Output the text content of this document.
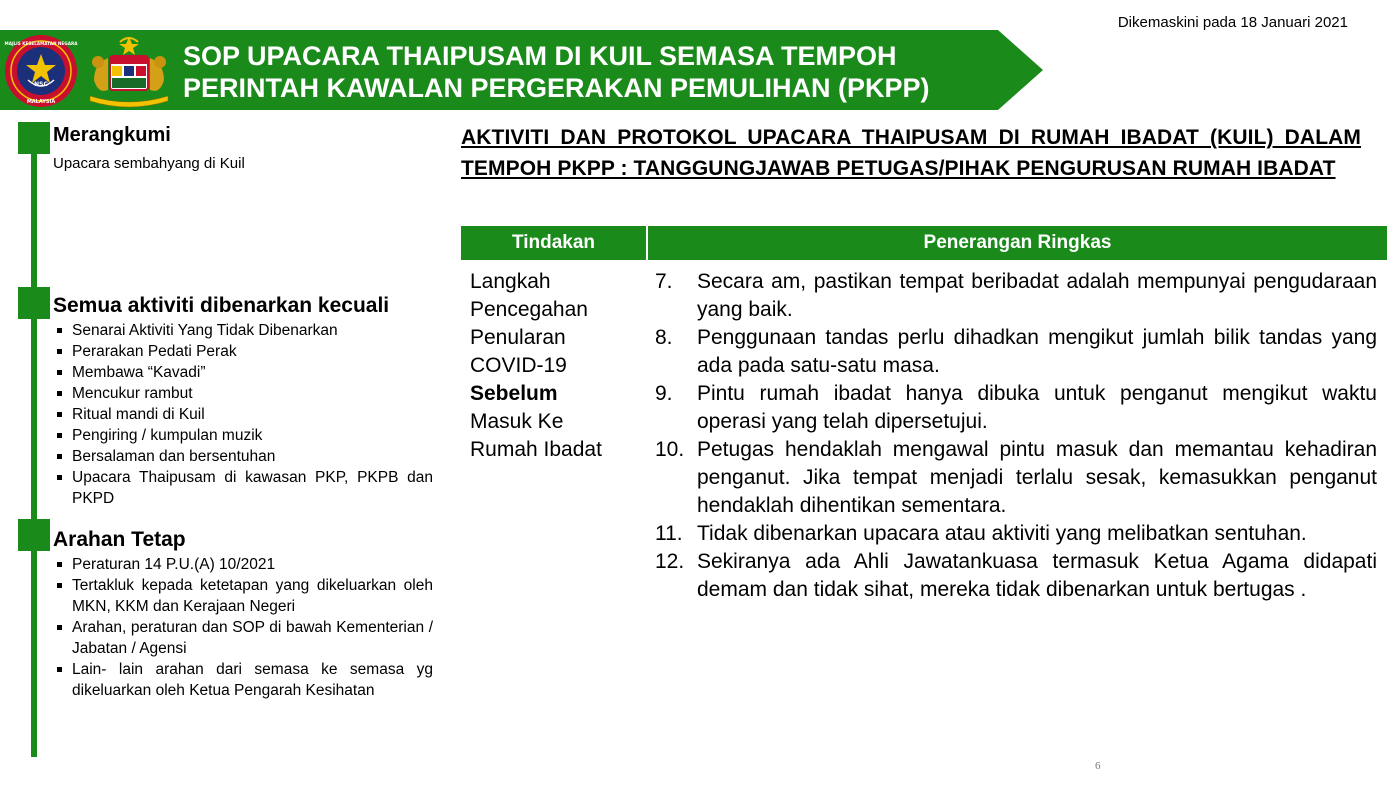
Dikemaskini pada 18 Januari 2021
NSC
MALAYSIA
MAJLIS KESELAMATAN NEGARA	SOP UPACARA THAIPUSAM DI KUIL SEMASA TEMPOH
PERINTAH KAWALAN PERGERAKAN PEMULIHAN (PKPP)
Merangkumi
Upacara sembahyang di Kuil
Semua aktiviti dibenarkan kecuali
Senarai Aktiviti Yang Tidak Dibenarkan
Perarakan Pedati Perak
Membawa “Kavadi”
Mencukur rambut
Ritual mandi di Kuil
Pengiring / kumpulan muzik
Bersalaman dan bersentuhan
Upacara Thaipusam di kawasan PKP, PKPB dan PKPD
Arahan Tetap
Peraturan 14 P.U.(A) 10/2021
Tertakluk kepada ketetapan yang dikeluarkan oleh MKN, KKM dan Kerajaan Negeri
Arahan, peraturan dan SOP di bawah Kementerian / Jabatan / Agensi
Lain- lain arahan dari semasa ke semasa yg dikeluarkan oleh Ketua Pengarah Kesihatan
AKTIVITI DAN PROTOKOL UPACARA THAIPUSAM DI RUMAH IBADAT (KUIL) DALAM TEMPOH PKPP : TANGGUNGJAWAB PETUGAS/PIHAK PENGURUSAN RUMAH IBADAT
Tindakan	Penerangan Ringkas
Langkah
Pencegahan
Penularan
COVID-19
Sebelum
Masuk Ke
Rumah Ibadat
7.	Secara am, pastikan tempat beribadat adalah mempunyai pengudaraan yang baik.
8.	Penggunaan tandas perlu dihadkan mengikut jumlah bilik tandas yang ada pada satu-satu masa.
9.	Pintu rumah ibadat hanya dibuka untuk penganut mengikut waktu operasi yang telah dipersetujui.
10. Petugas hendaklah mengawal pintu masuk dan memantau kehadiran penganut. Jika tempat menjadi terlalu sesak, kemasukkan penganut hendaklah dihentikan sementara.
11. Tidak dibenarkan upacara atau aktiviti yang melibatkan sentuhan.
12. Sekiranya ada Ahli Jawatankuasa termasuk Ketua Agama didapati demam dan tidak sihat, mereka tidak dibenarkan untuk bertugas .
6
